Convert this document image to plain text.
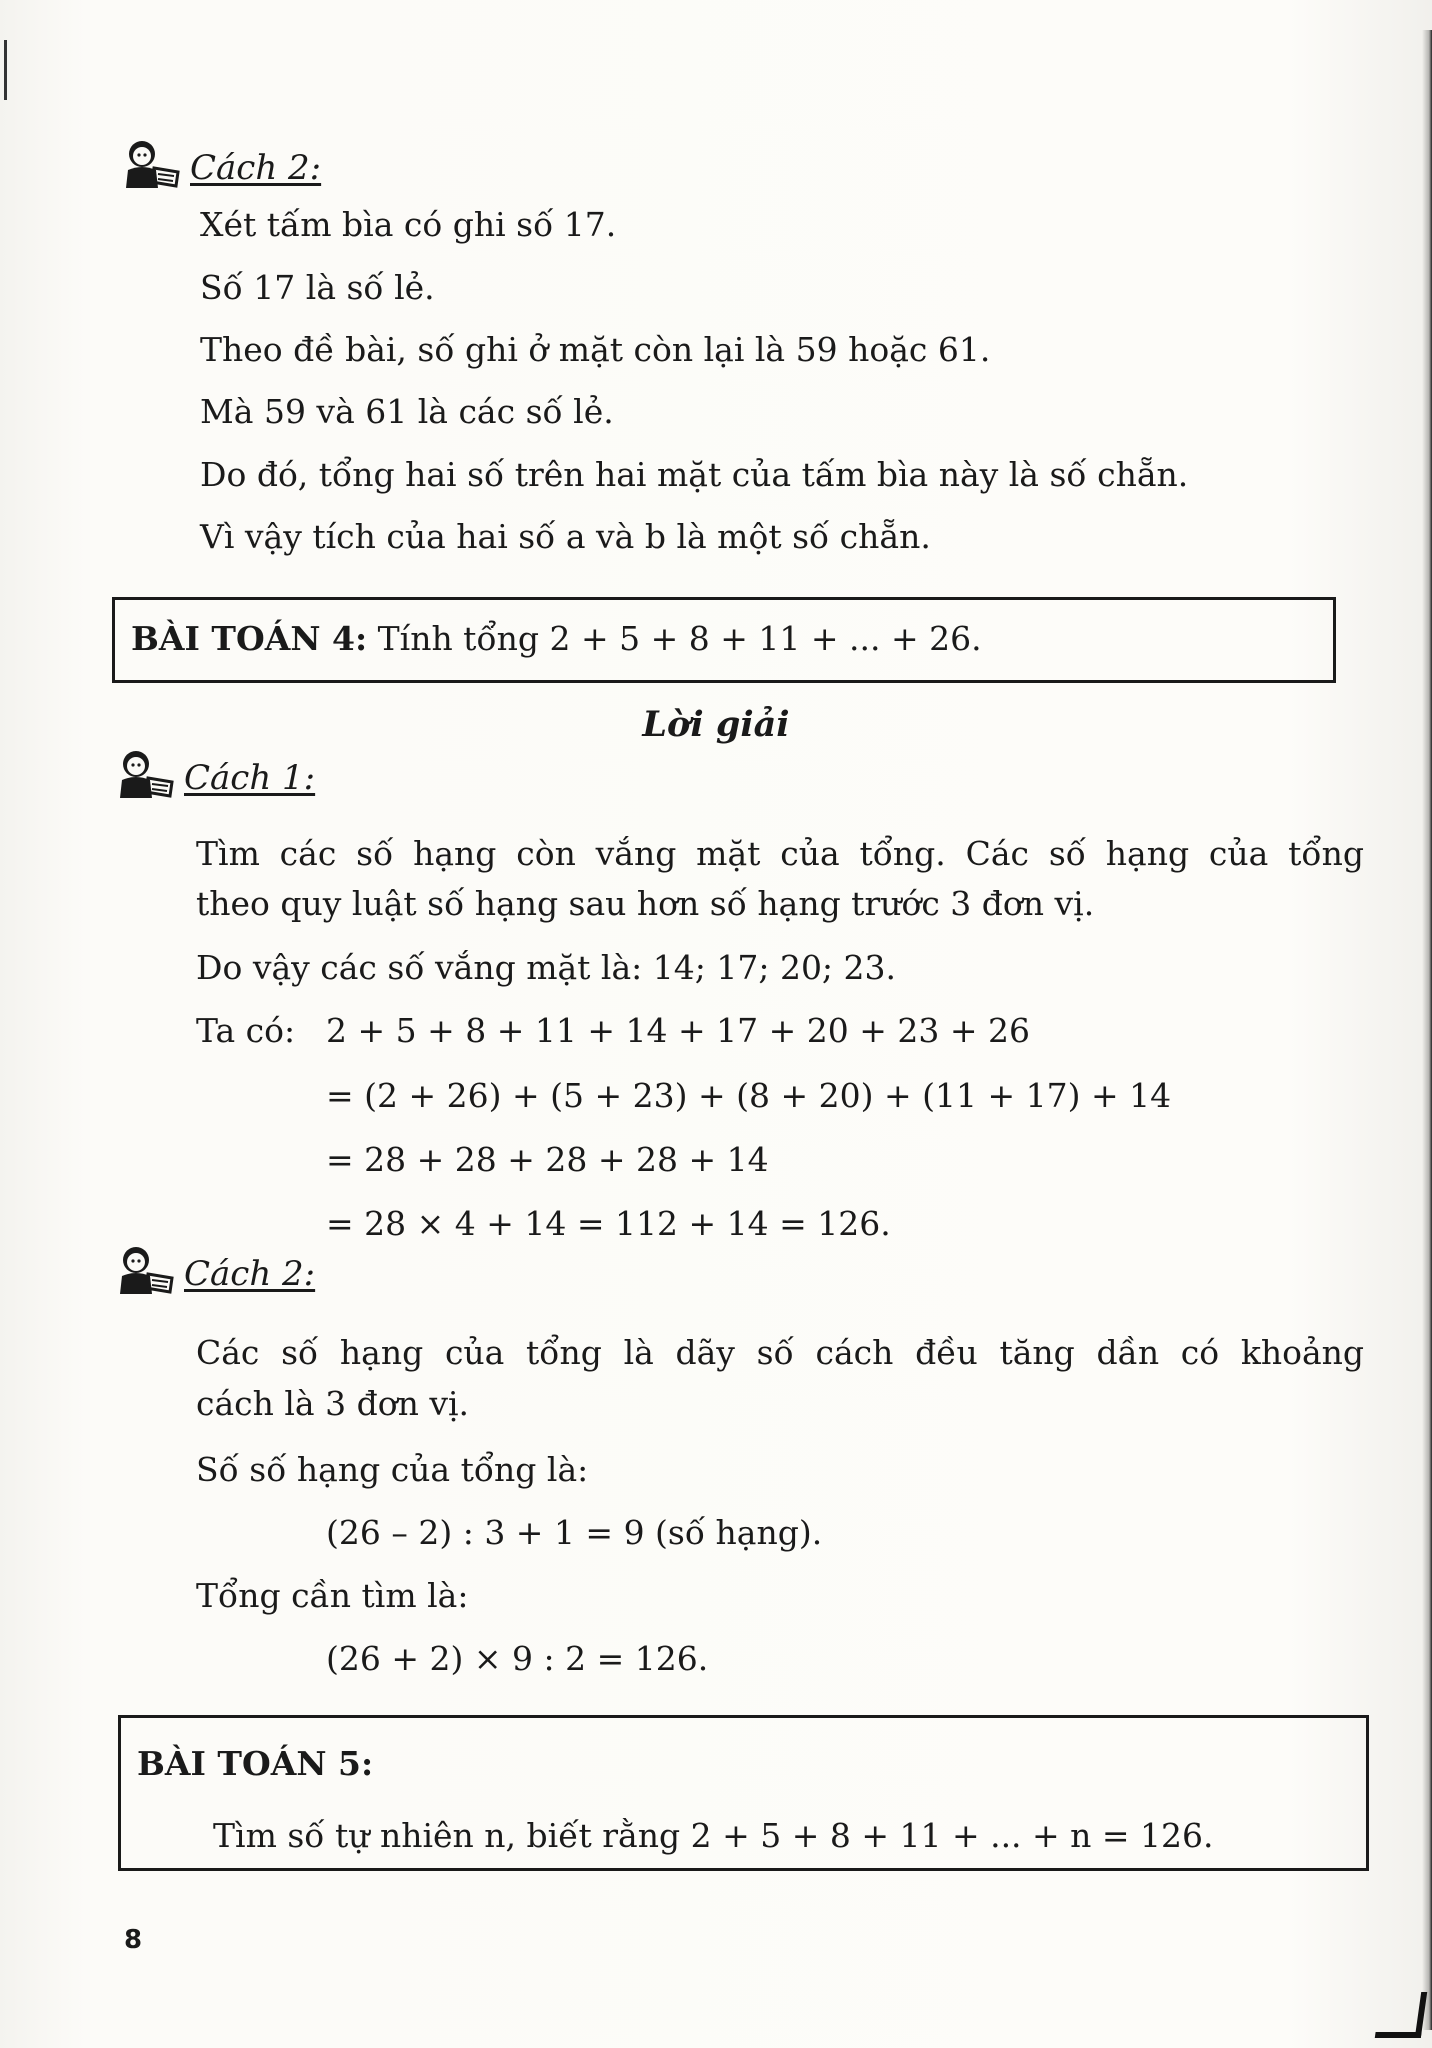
Cách 2:
Xét tấm bìa có ghi số 17.
Số 17 là số lẻ.
Theo đề bài, số ghi ở mặt còn lại là 59 hoặc 61.
Mà 59 và 61 là các số lẻ.
Do đó, tổng hai số trên hai mặt của tấm bìa này là số chẵn.
Vì vậy tích của hai số a và b là một số chẵn.
BÀI TOÁN 4: Tính tổng 2 + 5 + 8 + 11 + ... + 26.
Lời giải
Cách 1:
Tìm các số hạng còn vắng mặt của tổng. Các số hạng của tổng
theo quy luật số hạng sau hơn số hạng trước 3 đơn vị.
Do vậy các số vắng mặt là: 14; 17; 20; 23.
Ta có: 2 + 5 + 8 + 11 + 14 + 17 + 20 + 23 + 26
= (2 + 26) + (5 + 23) + (8 + 20) + (11 + 17) + 14
= 28 + 28 + 28 + 28 + 14
= 28 × 4 + 14 = 112 + 14 = 126.
Cách 2:
Các số hạng của tổng là dãy số cách đều tăng dần có khoảng
cách là 3 đơn vị.
Số số hạng của tổng là:
(26 – 2) : 3 + 1 = 9 (số hạng).
Tổng cần tìm là:
(26 + 2) × 9 : 2 = 126.
BÀI TOÁN 5:
Tìm số tự nhiên n, biết rằng 2 + 5 + 8 + 11 + ... + n = 126.
8
